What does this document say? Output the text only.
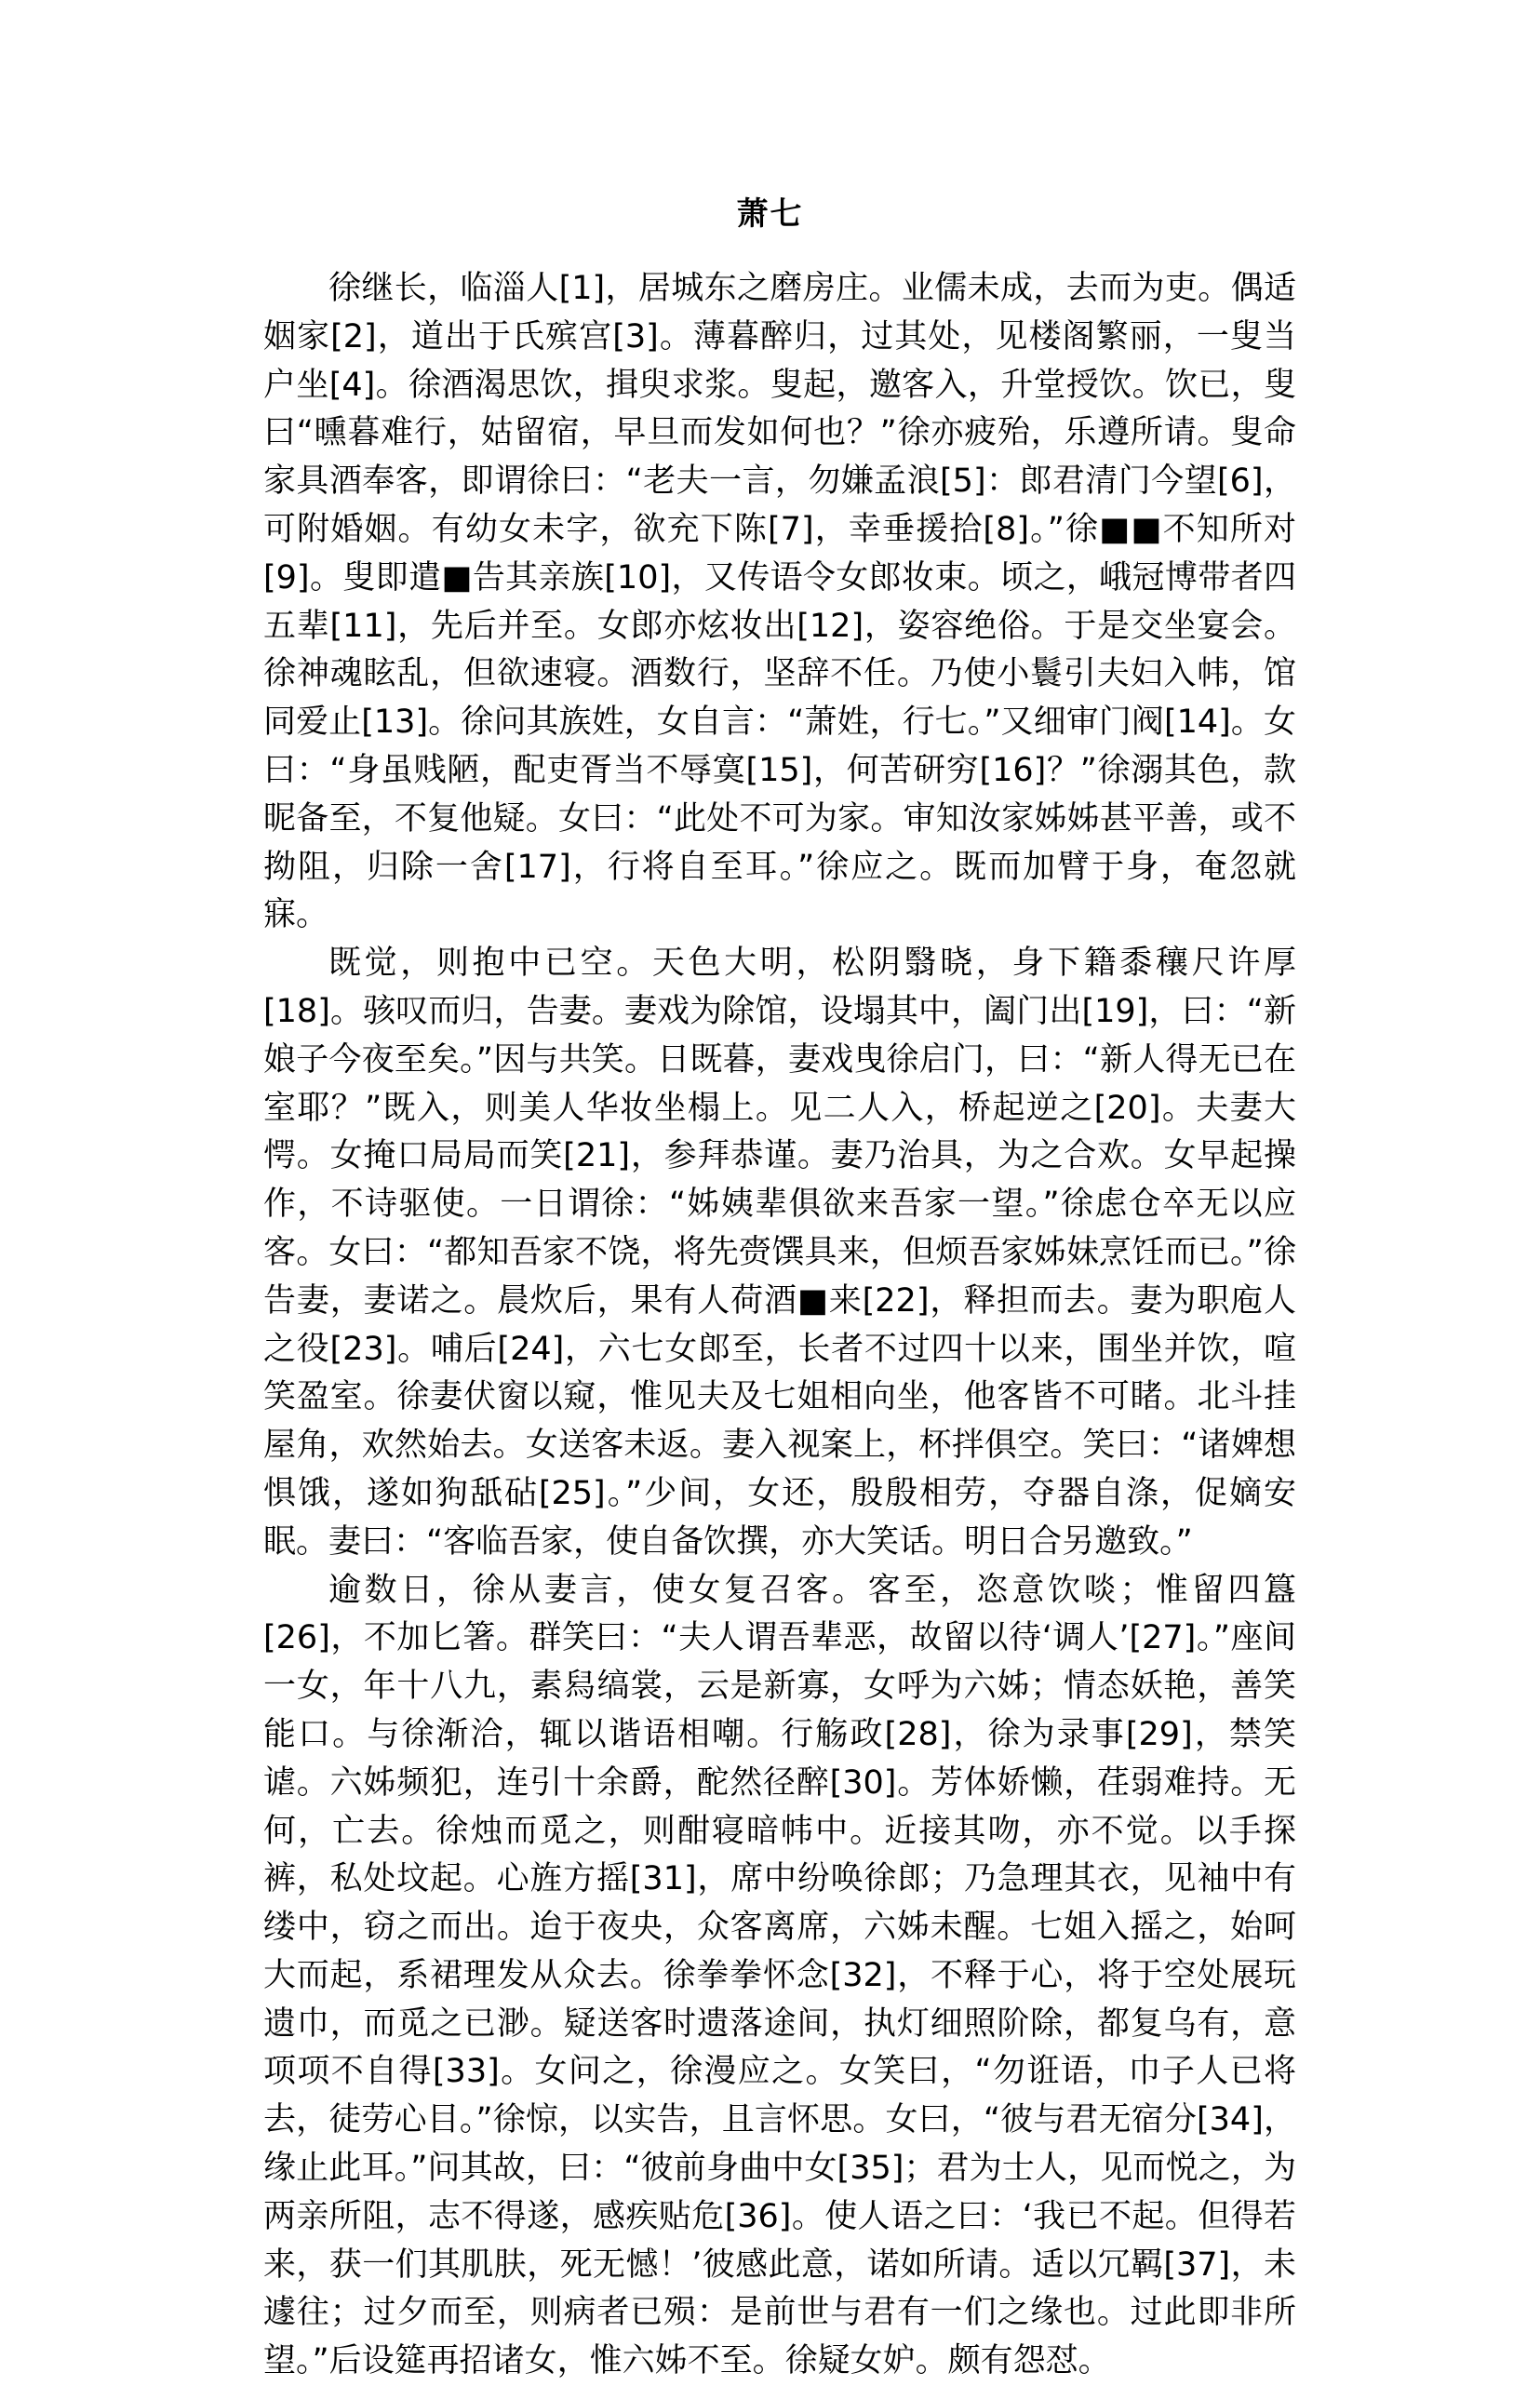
萧七

徐继长，临淄人[1]，居城东之磨房庄。业儒未成，去而为吏。偶适姻家[2]，道出于氏殡宫[3]。薄暮醉归，过其处，见楼阁繁丽，一叟当户坐[4]。徐酒渴思饮，揖臾求浆。叟起，邀客入，升堂授饮。饮已，叟曰“曛暮难行，姑留宿，早旦而发如何也？”徐亦疲殆，乐遵所请。叟命家具酒奉客，即谓徐曰：“老夫一言，勿嫌孟浪[5]：郎君清门今望[6]，可附婚姻。有幼女未字，欲充下陈[7]，幸垂援拾[8]。”徐■■不知所对[9]。叟即遣■告其亲族[10]，又传语令女郎妆束。顷之，峨冠博带者四五辈[11]，先后并至。女郎亦炫妆出[12]，姿容绝俗。于是交坐宴会。徐神魂眩乱，但欲速寝。酒数行，坚辞不任。乃使小鬟引夫妇入帏，馆同爱止[13]。徐问其族姓，女自言：“萧姓，行七。”又细审门阀[14]。女曰：“身虽贱陋，配吏胥当不辱寞[15]，何苦研穷[16]？”徐溺其色，款昵备至，不复他疑。女曰：“此处不可为家。审知汝家姊姊甚平善，或不拗阻，归除一舍[17]，行将自至耳。”徐应之。既而加臂于身，奄忽就寐。

既觉，则抱中已空。天色大明，松阴翳晓，身下籍黍穰尺许厚[18]。骇叹而归，告妻。妻戏为除馆，设塌其中，阖门出[19]，曰：“新娘子今夜至矣。”因与共笑。日既暮，妻戏曳徐启门，曰：“新人得无已在室耶？”既入，则美人华妆坐榻上。见二人入，桥起逆之[20]。夫妻大愕。女掩口局局而笑[21]，参拜恭谨。妻乃治具，为之合欢。女早起操作，不诗驱使。一日谓徐：“姊姨辈俱欲来吾家一望。”徐虑仓卒无以应客。女曰：“都知吾家不饶，将先赍馔具来，但烦吾家姊妹烹饪而已。”徐告妻，妻诺之。晨炊后，果有人荷酒■来[22]，释担而去。妻为职庖人之役[23]。哺后[24]，六七女郎至，长者不过四十以来，围坐并饮，喧笑盈室。徐妻伏窗以窥，惟见夫及七姐相向坐，他客皆不可睹。北斗挂屋角，欢然始去。女送客未返。妻入视案上，杯拌俱空。笑曰：“诸婢想惧饿，遂如狗舐砧[25]。”少间，女还，殷殷相劳，夺器自涤，促嫡安眠。妻曰：“客临吾家，使自备饮撰，亦大笑话。明日合另邀致。”

逾数日，徐从妻言，使女复召客。客至，恣意饮啖；惟留四簋[26]，不加匕箸。群笑曰：“夫人谓吾辈恶，故留以待‘调人’[27]。”座间一女，年十八九，素舄缟裳，云是新寡，女呼为六姊；情态妖艳，善笑能口。与徐渐洽，辄以谐语相嘲。行觞政[28]，徐为录事[29]，禁笑谑。六姊频犯，连引十余爵，酡然径醉[30]。芳体娇懒，荏弱难持。无何，亡去。徐烛而觅之，则酣寝暗帏中。近接其吻，亦不觉。以手探裤，私处坟起。心旌方摇[31]，席中纷唤徐郎；乃急理其衣，见袖中有缕中，窃之而出。迨于夜央，众客离席，六姊未醒。七姐入摇之，始呵大而起，系裙理发从众去。徐拳拳怀念[32]，不释于心，将于空处展玩遗巾，而觅之已渺。疑送客时遗落途间，执灯细照阶除，都复乌有，意项项不自得[33]。女问之，徐漫应之。女笑曰，“勿诳语，巾子人已将去，徒劳心目。”徐惊，以实告，且言怀思。女曰，“彼与君无宿分[34]，缘止此耳。”问其故，曰：“彼前身曲中女[35]；君为士人，见而悦之，为两亲所阻，志不得遂，感疾贴危[36]。使人语之曰：‘我已不起。但得若来，获一们其肌肤，死无憾！’彼感此意，诺如所请。适以冗羁[37]，未遽往；过夕而至，则病者已殒：是前世与君有一们之缘也。过此即非所望。”后设筵再招诸女，惟六姊不至。徐疑女妒。颇有怨怼。
